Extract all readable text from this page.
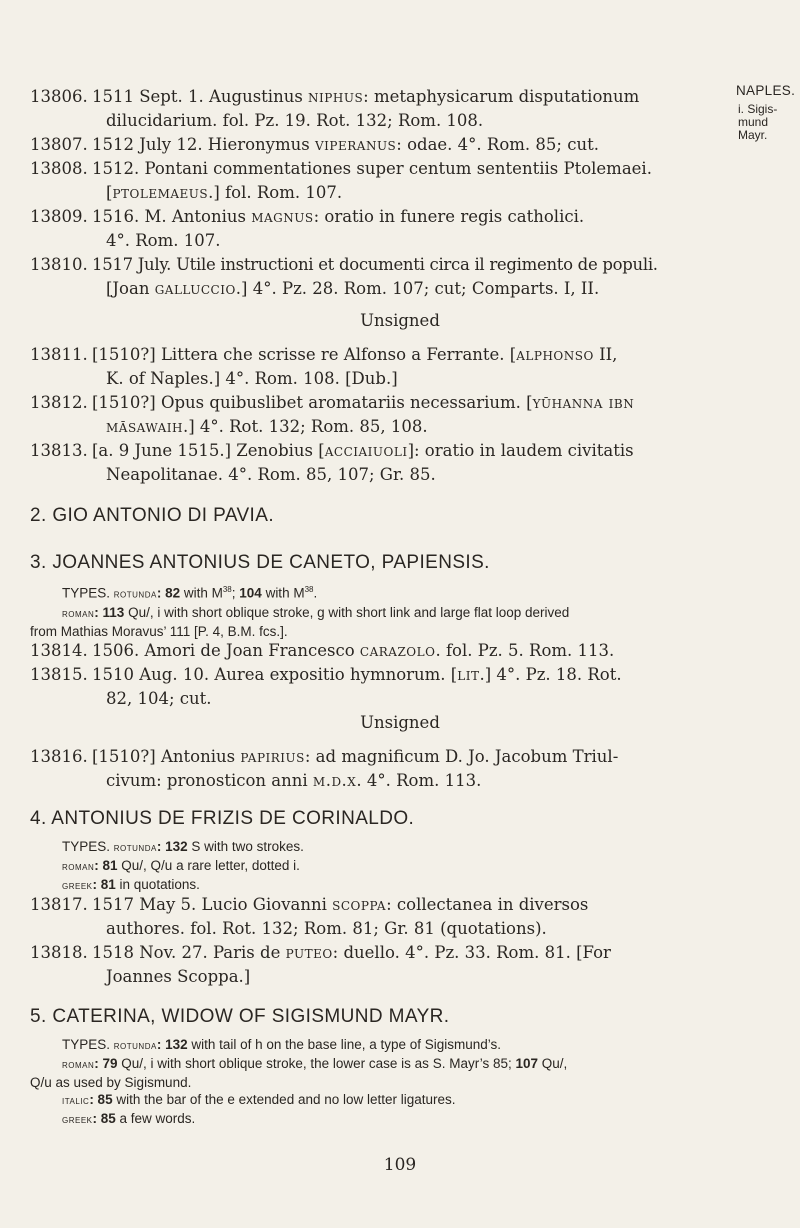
NAPLES.
i. Sigis-
mund
Mayr.
13806. 1511 Sept. 1. Augustinus niphus: metaphysicarum disputationum
dilucidarium. fol. Pz. 19. Rot. 132; Rom. 108.
13807. 1512 July 12. Hieronymus viperanus: odae. 4°. Rom. 85; cut.
13808. 1512. Pontani commentationes super centum sententiis Ptolemaei.
[ptolemaeus.] fol. Rom. 107.
13809. 1516. M. Antonius magnus: oratio in funere regis catholici.
4°. Rom. 107.
13810. 1517 July. Utile instructioni et documenti circa il regimento de populi.
[Joan galluccio.] 4°. Pz. 28. Rom. 107; cut; Comparts. I, II.
Unsigned
13811. [1510?] Littera che scrisse re Alfonso a Ferrante. [alphonso II,
K. of Naples.] 4°. Rom. 108. [Dub.]
13812. [1510?] Opus quibuslibet aromatariis necessarium. [yūhanna ibn
māsawaih.] 4°. Rot. 132; Rom. 85, 108.
13813. [a. 9 June 1515.] Zenobius [acciaiuoli]: oratio in laudem civitatis
Neapolitanae. 4°. Rom. 85, 107; Gr. 85.
2. GIO ANTONIO DI PAVIA.
3. JOANNES ANTONIUS DE CANETO, PAPIENSIS.
TYPES. rotunda: 82 with $M^{38}$; 104 with $M^{38}$.
roman: 113 Qu/, i with short oblique stroke, g with short link and large flat loop derived
from Mathias Moravus’ 111 [P. 4, B.M. fcs.].
13814. 1506. Amori de Joan Francesco carazolo. fol. Pz. 5. Rom. 113.
13815. 1510 Aug. 10. Aurea expositio hymnorum. [lit.] 4°. Pz. 18. Rot.
82, 104; cut.
Unsigned
13816. [1510?] Antonius papirius: ad magnificum D. Jo. Jacobum Triul-
civum: pronosticon anni m.d.x. 4°. Rom. 113.
4. ANTONIUS DE FRIZIS DE CORINALDO.
TYPES. rotunda: 132 S with two strokes.
roman: 81 Qu/, Q/u a rare letter, dotted i.
greek: 81 in quotations.
13817. 1517 May 5. Lucio Giovanni scoppa: collectanea in diversos
authores. fol. Rot. 132; Rom. 81; Gr. 81 (quotations).
13818. 1518 Nov. 27. Paris de puteo: duello. 4°. Pz. 33. Rom. 81. [For
Joannes Scoppa.]
5. CATERINA, WIDOW OF SIGISMUND MAYR.
TYPES. rotunda: 132 with tail of h on the base line, a type of Sigismund’s.
roman: 79 Qu/, i with short oblique stroke, the lower case is as S. Mayr’s 85; 107 Qu/,
Q/u as used by Sigismund.
italic: 85 with the bar of the e extended and no low letter ligatures.
greek: 85 a few words.
109
